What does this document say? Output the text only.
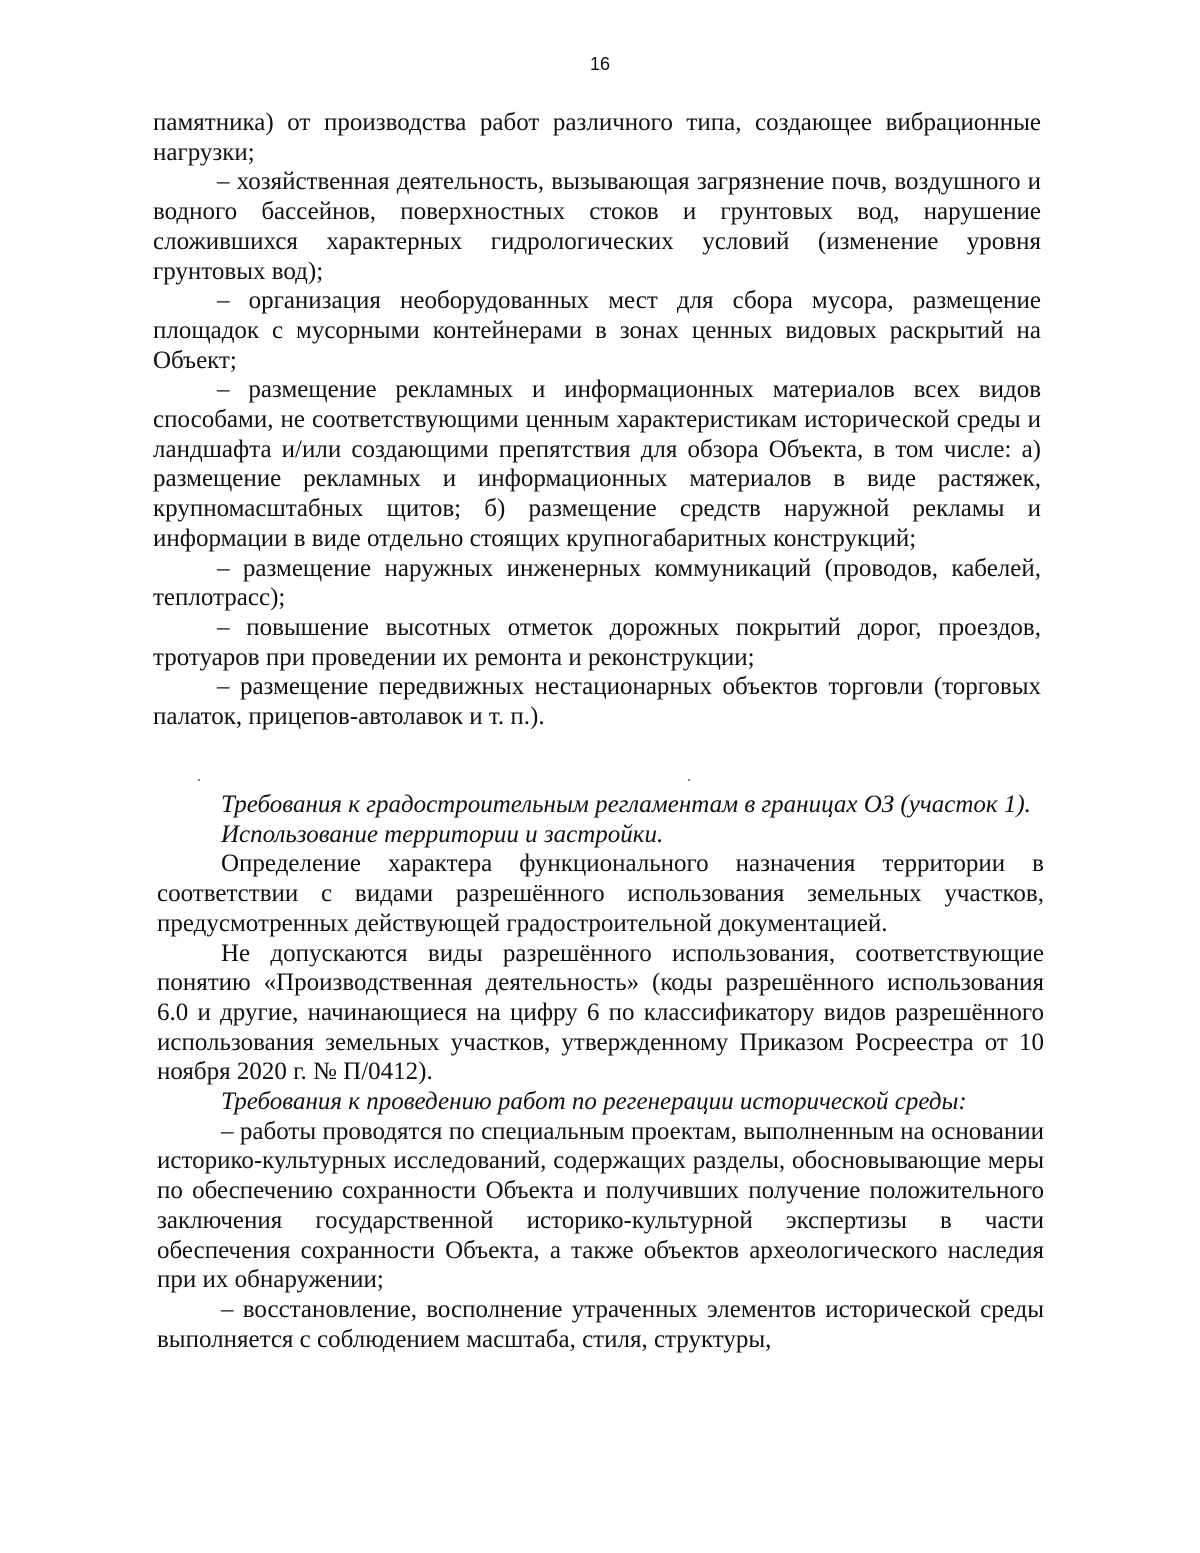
16

памятника) от производства работ различного типа, создающее вибрационные нагрузки;

– хозяйственная деятельность, вызывающая загрязнение почв, воздушного и водного бассейнов, поверхностных стоков и грунтовых вод, нарушение сложившихся характерных гидрологических условий (изменение уровня грунтовых вод);

– организация необорудованных мест для сбора мусора, размещение площадок с мусорными контейнерами в зонах ценных видовых раскрытий на Объект;

– размещение рекламных и информационных материалов всех видов способами, не соответствующими ценным характеристикам исторической среды и ландшафта и/или создающими препятствия для обзора Объекта, в том числе: а) размещение рекламных и информационных материалов в виде растяжек, крупномасштабных щитов; б) размещение средств наружной рекламы и информации в виде отдельно стоящих крупногабаритных конструкций;

– размещение наружных инженерных коммуникаций (проводов, кабелей, теплотрасс);

– повышение высотных отметок дорожных покрытий дорог, проездов, тротуаров при проведении их ремонта и реконструкции;

– размещение передвижных нестационарных объектов торговли (торговых палаток, прицепов-автолавок и т. п.).

Требования к градостроительным регламентам в границах ОЗ (участок 1).

Использование территории и застройки.

Определение характера функционального назначения территории в соответствии с видами разрешённого использования земельных участков, предусмотренных действующей градостроительной документацией.

Не допускаются виды разрешённого использования, соответствующие понятию «Производственная деятельность» (коды разрешённого использования 6.0 и другие, начинающиеся на цифру 6 по классификатору видов разрешённого использования земельных участков, утвержденному Приказом Росреестра от 10 ноября 2020 г. № П/0412).

Требования к проведению работ по регенерации исторической среды:

– работы проводятся по специальным проектам, выполненным на основании историко-культурных исследований, содержащих разделы, обосновывающие меры по обеспечению сохранности Объекта и получивших получение положительного заключения государственной историко-культурной экспертизы в части обеспечения сохранности Объекта, а также объектов археологического наследия при их обнаружении;

– восстановление, восполнение утраченных элементов исторической среды выполняется с соблюдением масштаба, стиля, структуры,
